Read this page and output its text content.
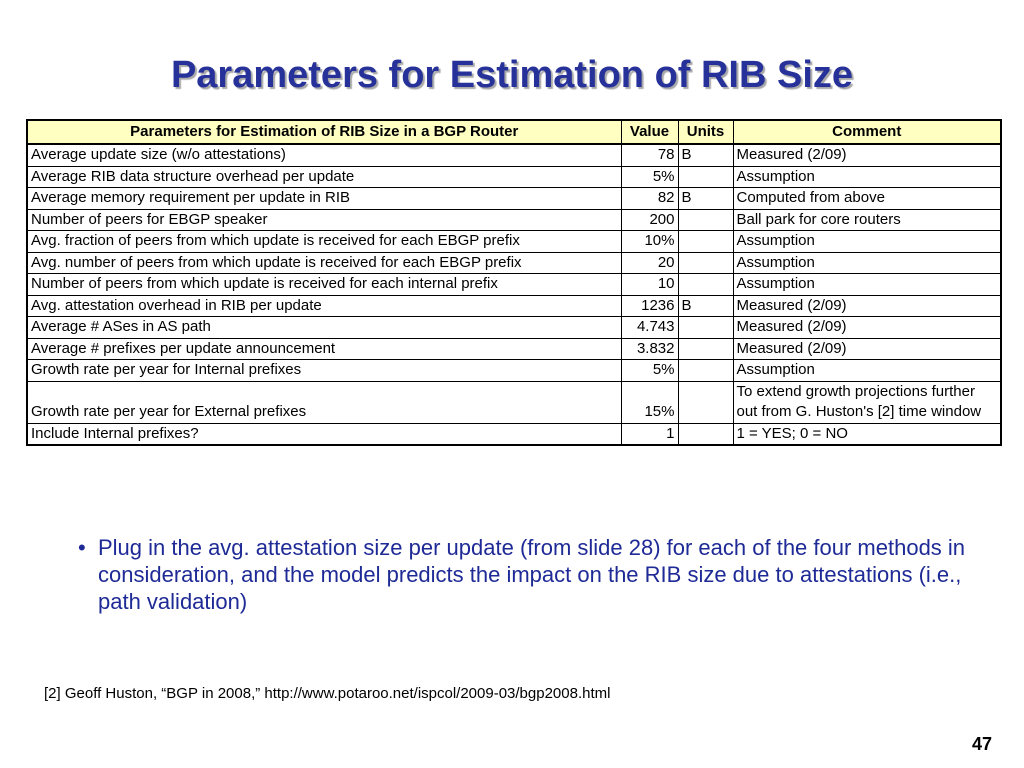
Parameters for Estimation of RIB Size
Parameters for Estimation of RIB Size in a BGP Router	Value	Units	Comment
Average update size (w/o attestations)	78	B	Measured (2/09)
Average RIB data structure overhead per update	5%		Assumption
Average memory requirement per update in RIB	82	B	Computed from above
Number of peers for EBGP speaker	200		Ball park for core routers
Avg. fraction of peers from which update is received for each EBGP prefix	10%		Assumption
Avg. number of peers from which update is received for each EBGP prefix	20		Assumption
Number of peers from which update is received for each internal prefix	10		Assumption
Avg. attestation overhead in RIB per update	1236	B	Measured (2/09)
Average # ASes in AS path	4.743		Measured (2/09)
Average # prefixes per update announcement	3.832		Measured (2/09)
Growth rate per year for Internal prefixes	5%		Assumption
Growth rate per year for External prefixes	15%		To extend growth projections further out from G. Huston's [2] time window
Include Internal prefixes?	1		1 = YES; 0 = NO
• Plug in the avg. attestation size per update (from slide 28) for each of the four methods in consideration, and the model predicts the impact on the RIB size due to attestations (i.e., path validation)
[2] Geoff Huston, “BGP in 2008,” http://www.potaroo.net/ispcol/2009-03/bgp2008.html
47
